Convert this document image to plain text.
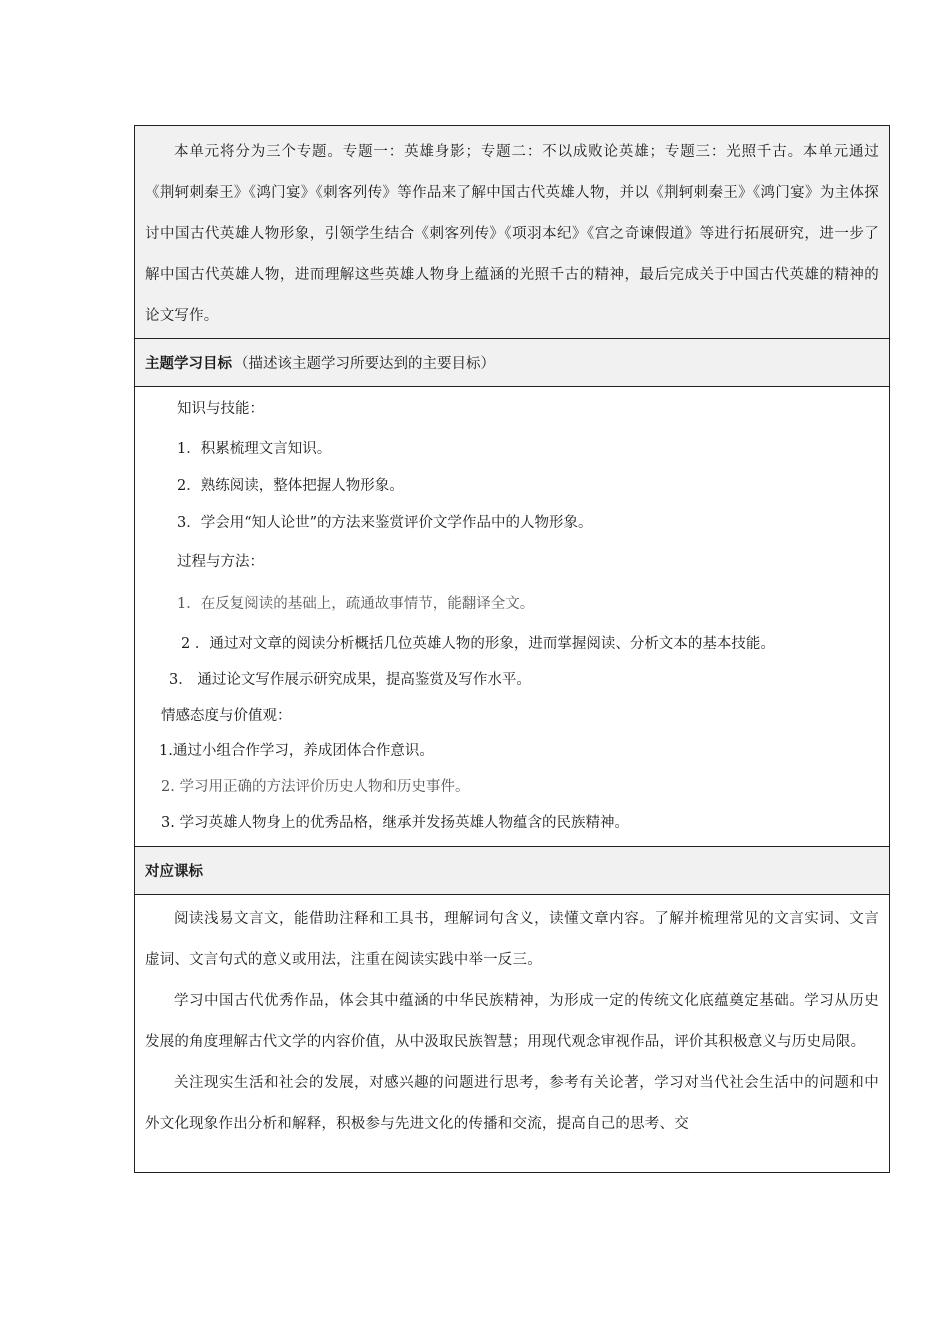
本单元将分为三个专题。专题一：英雄身影；专题二：不以成败论英雄；专题三：光照千古。本单元通过《荆轲刺秦王》《鸿门宴》《刺客列传》等作品来了解中国古代英雄人物，并以《荆轲刺秦王》《鸿门宴》为主体探讨中国古代英雄人物形象，引领学生结合《刺客列传》《项羽本纪》《宫之奇谏假道》等进行拓展研究，进一步了解中国古代英雄人物，进而理解这些英雄人物身上蕴涵的光照千古的精神，最后完成关于中国古代英雄的精神的论文写作。

主题学习目标 （描述该主题学习所要达到的主要目标）
知识与技能：
1．积累梳理文言知识。
2．熟练阅读，整体把握人物形象。
3．学会用“知人论世”的方法来鉴赏评价文学作品中的人物形象。
过程与方法：
1．在反复阅读的基础上，疏通故事情节，能翻译全文。
2 ．通过对文章的阅读分析概括几位英雄人物的形象，进而掌握阅读、分析文本的基本技能。
3． 通过论文写作展示研究成果，提高鉴赏及写作水平。
情感态度与价值观：
1.通过小组合作学习，养成团体合作意识。
2. 学习用正确的方法评价历史人物和历史事件。
3. 学习英雄人物身上的优秀品格，继承并发扬英雄人物蕴含的民族精神。
对应课标

阅读浅易文言文，能借助注释和工具书，理解词句含义，读懂文章内容。了解并梳理常见的文言实词、文言虚词、文言句式的意义或用法，注重在阅读实践中举一反三。

学习中国古代优秀作品，体会其中蕴涵的中华民族精神，为形成一定的传统文化底蕴奠定基础。学习从历史发展的角度理解古代文学的内容价值，从中汲取民族智慧；用现代观念审视作品，评价其积极意义与历史局限。

关注现实生活和社会的发展，对感兴趣的问题进行思考，参考有关论著，学习对当代社会生活中的问题和中外文化现象作出分析和解释，积极参与先进文化的传播和交流，提高自己的思考、交
